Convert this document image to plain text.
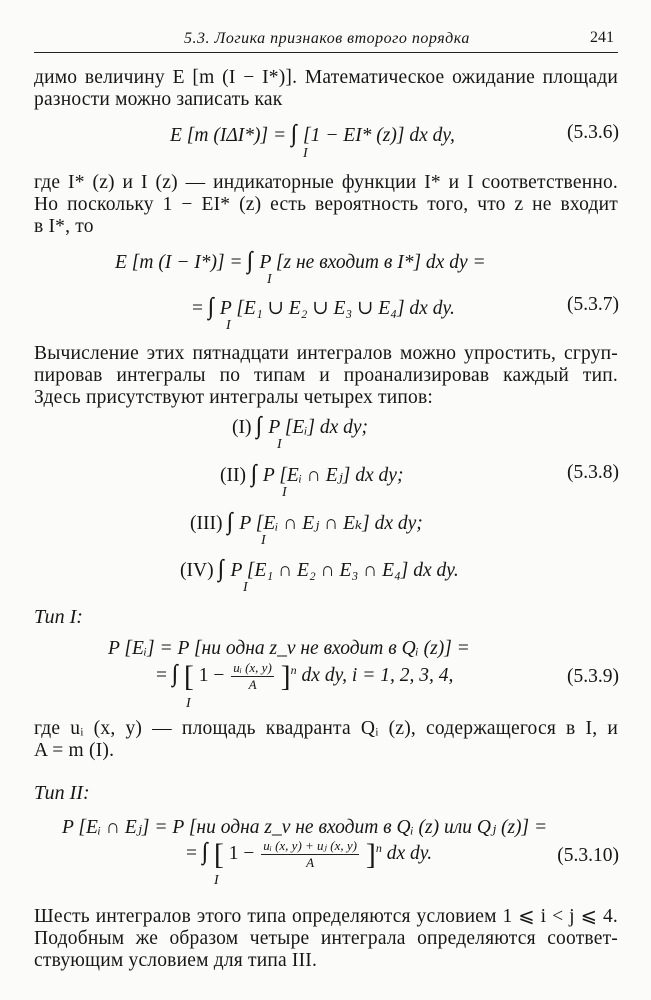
5.3. Логика признаков второго порядка	241
димо величину E [m (I − I*)]. Математическое ожидание площади
разности можно записать как
E [m (IΔI*)] = ∫∫ [1 − EI* (z)] dx dy,
I
(5.3.6)
где I* (z) и I (z) — индикаторные функции I* и I соответственно.
Но поскольку 1 − EI* (z) есть вероятность того, что z не входит
в I*, то
E [m (I − I*)] = ∫∫ P [z не входит в I*] dx dy =
I
= ∫∫ P [E₁ ∪ E₂ ∪ E₃ ∪ E₄] dx dy.
I
(5.3.7)
Вычисление этих пятнадцати интегралов можно упростить, сгруп-
пировав интегралы по типам и проанализировав каждый тип.
Здесь присутствуют интегралы четырех типов:
(I) ∫∫ P [Eᵢ] dx dy;
I
(II) ∫∫ P [Eᵢ ∩ Eⱼ] dx dy;
I
(5.3.8)
(III) ∫∫ P [Eᵢ ∩ Eⱼ ∩ Eₖ] dx dy;
I
(IV) ∫∫ P [E₁ ∩ E₂ ∩ E₃ ∩ E₄] dx dy.
I
Тип I:
P [Eᵢ] = P [ни одна z_v не входит в Qᵢ (z)] =
= ∫∫ [ $1 - \frac{\text{uᵢ (x, y)}}{A} ]^n$ dx dy, i = 1, 2, 3, 4,
I
(5.3.9)
где uᵢ (x, y) — площадь квадранта Qᵢ (z), содержащегося в I, и
A = m (I).
Тип II:
P [Eᵢ ∩ Eⱼ] = P [ни одна z_v не входит в Qᵢ (z) или Qⱼ (z)] =
= ∫∫ [ $1 - \frac{\text{uᵢ (x, y) + uⱼ (x, y)}}{A} ]^n$ dx dy.
I
(5.3.10)
Шесть интегралов этого типа определяются условием 1 ⩽ i < j ⩽ 4.
Подобным же образом четыре интеграла определяются соответ-
ствующим условием для типа III.
